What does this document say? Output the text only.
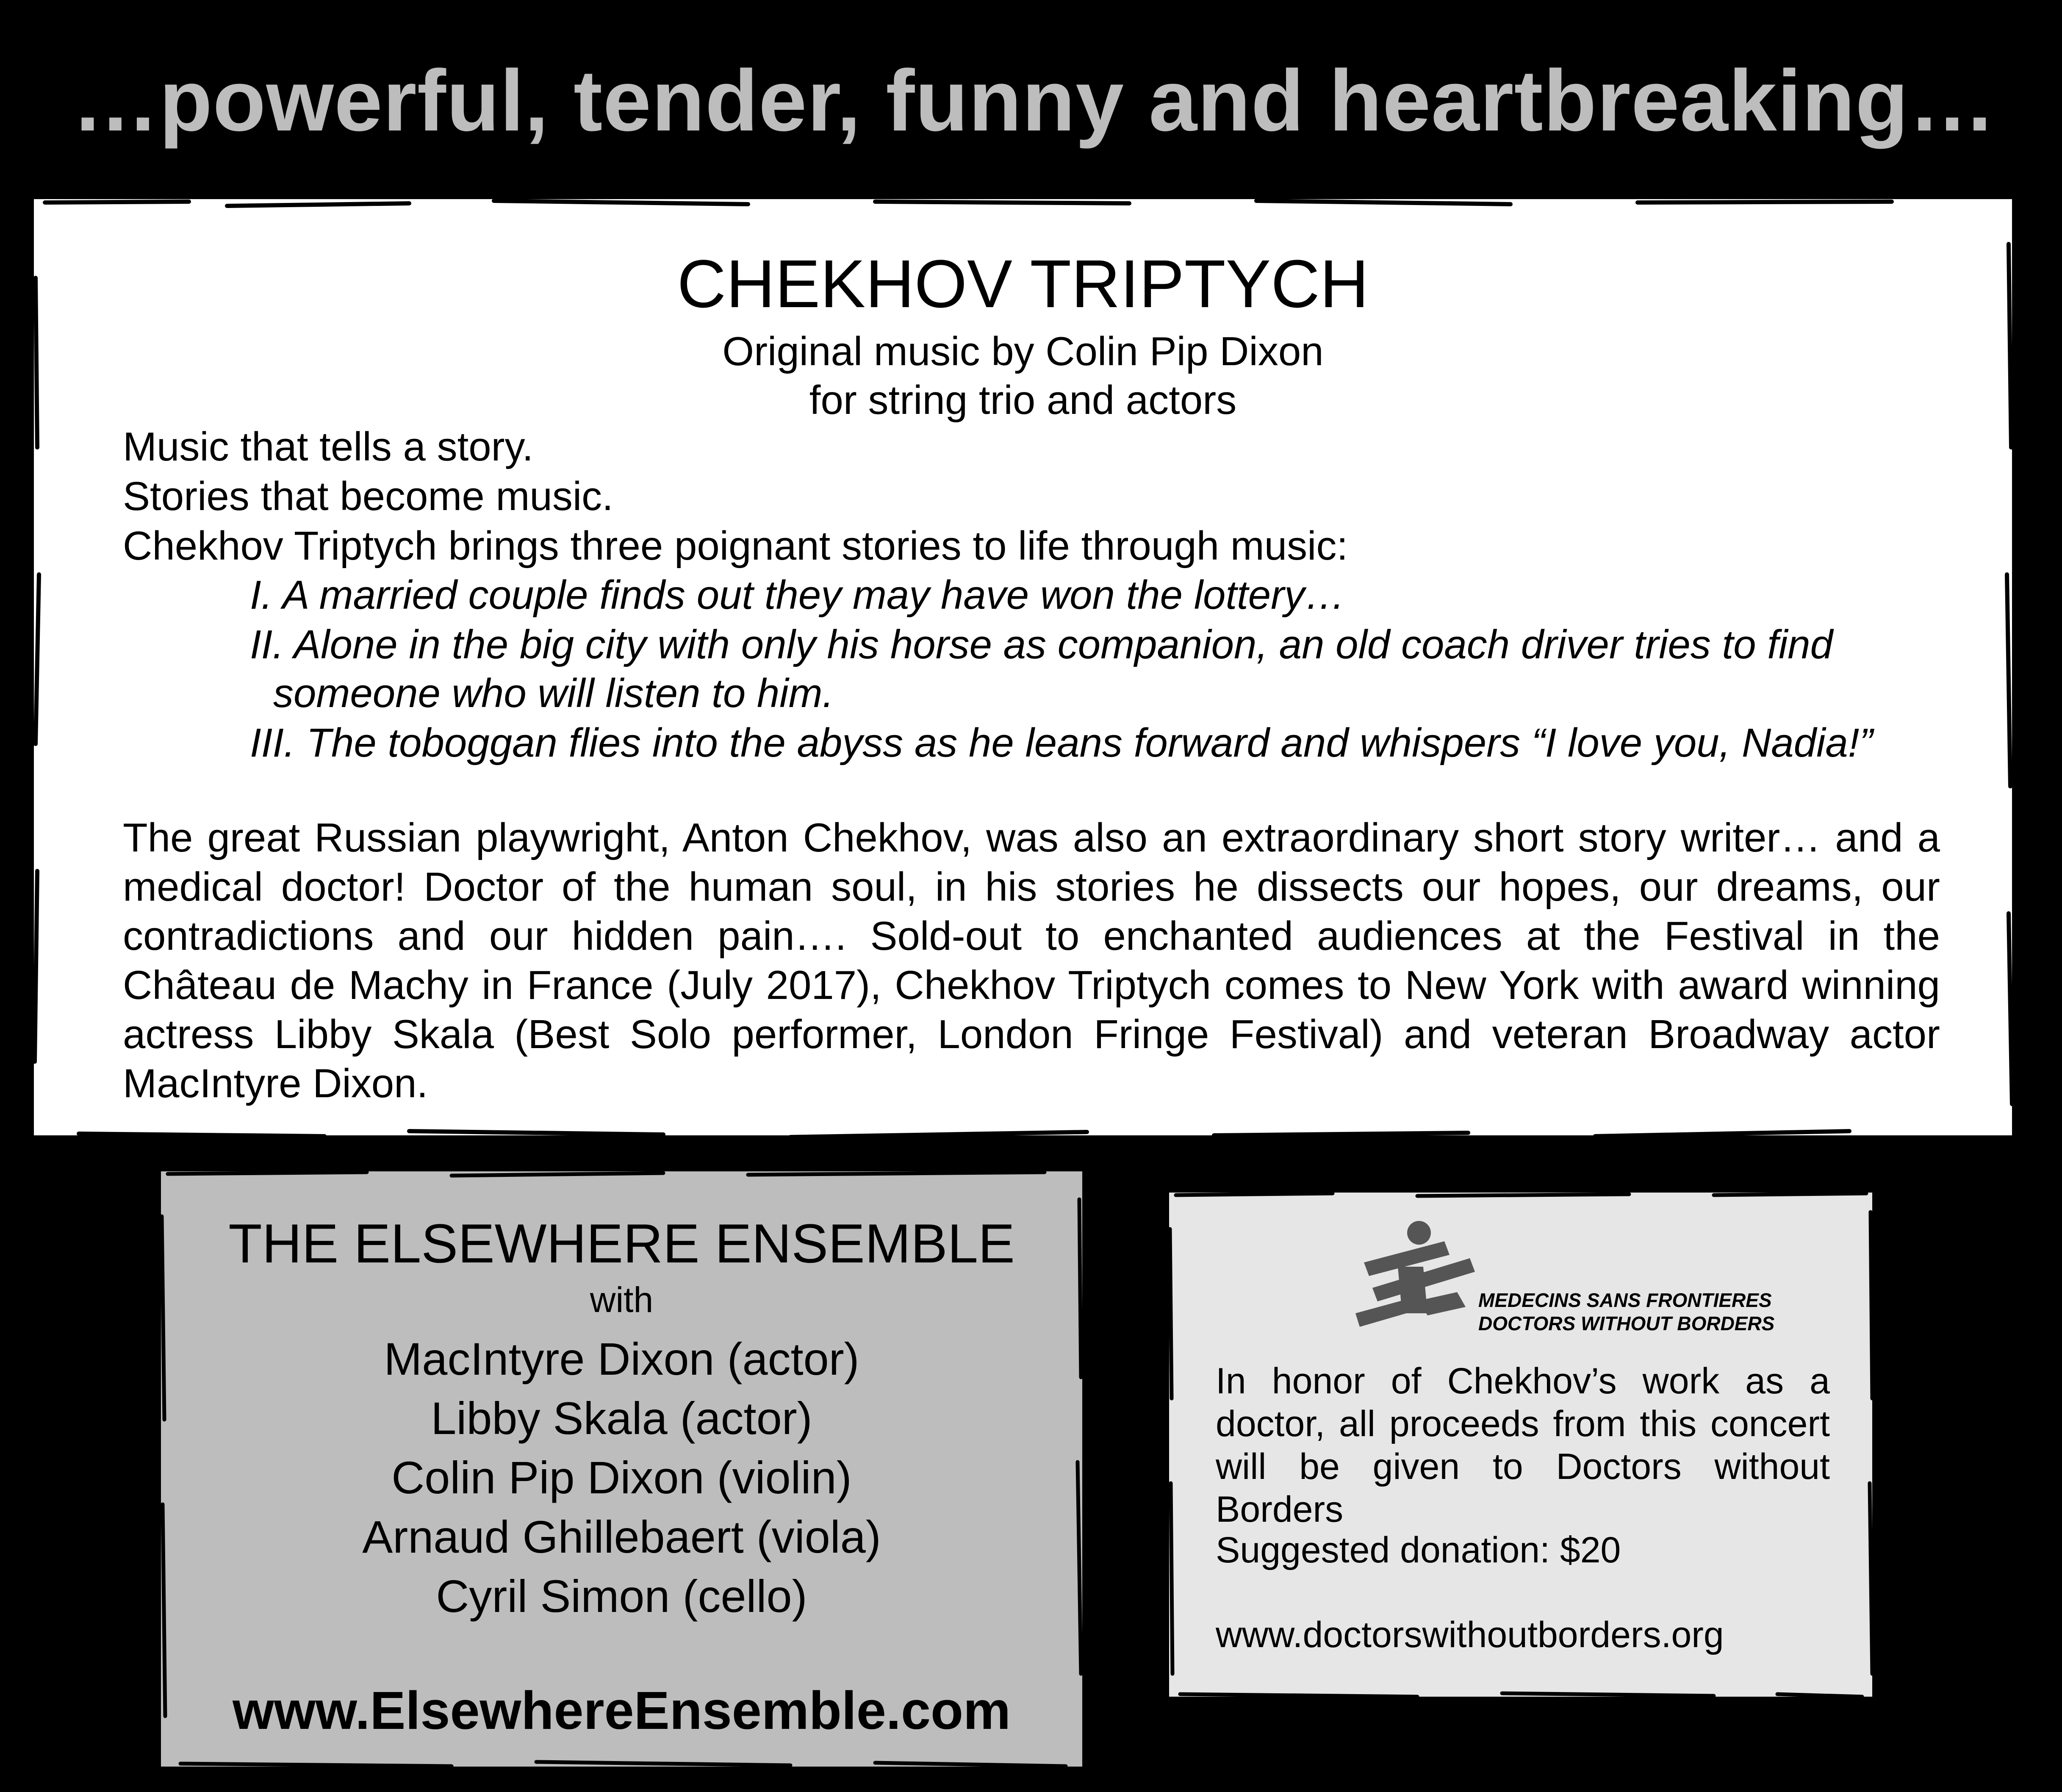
…powerful, tender, funny and heartbreaking…
CHEKHOV TRIPTYCH
Original music by Colin Pip Dixon
for string trio and actors
Music that tells a story.
Stories that become music.
Chekhov Triptych brings three poignant stories to life through music:
I. A married couple finds out they may have won the lottery…
II. Alone in the big city with only his horse as companion, an old coach driver tries to find
someone who will listen to him.
III. The toboggan flies into the abyss as he leans forward and whispers “I love you, Nadia!”
The great Russian playwright, Anton Chekhov, was also an extraordinary short story writer… and a medical doctor! Doctor of the human soul, in his stories he dissects our hopes, our dreams, our contradictions and our hidden pain…. Sold-out to enchanted audiences at the Festival in the Château de Machy in France (July 2017), Chekhov Triptych comes to New York with award winning actress Libby Skala (Best Solo performer, London Fringe Festival) and veteran Broadway actor MacIntyre Dixon.
THE ELSEWHERE ENSEMBLE
with
MacIntyre Dixon (actor)
Libby Skala (actor)
Colin Pip Dixon (violin)
Arnaud Ghillebaert (viola)
Cyril Simon (cello)
www.ElsewhereEnsemble.com
MEDECINS SANS FRONTIERES
DOCTORS WITHOUT BORDERS
In honor of Chekhov’s work as a doctor, all proceeds from this concert will be given to Doctors without Borders
Suggested donation: $20
www.doctorswithoutborders.org
